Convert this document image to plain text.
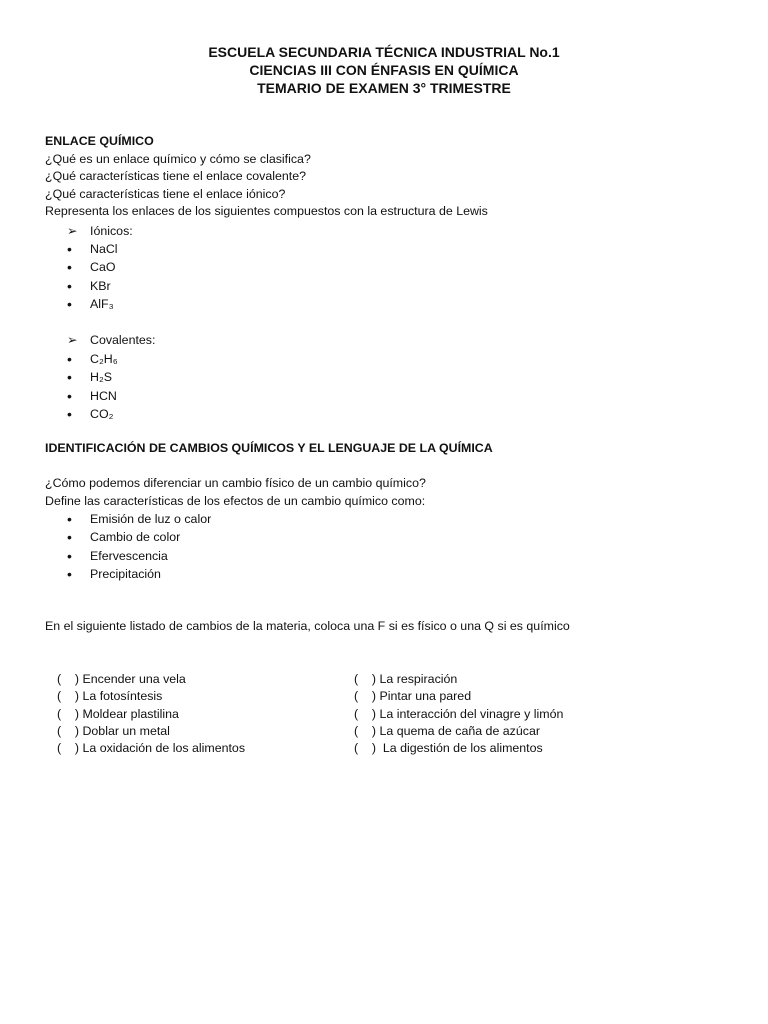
ESCUELA SECUNDARIA TÉCNICA INDUSTRIAL No.1
CIENCIAS III CON ÉNFASIS EN QUÍMICA
TEMARIO DE EXAMEN 3° TRIMESTRE
ENLACE QUÍMICO
¿Qué es un enlace químico y cómo se clasifica?
¿Qué características tiene el enlace covalente?
¿Qué características tiene el enlace iónico?
Representa los enlaces de los siguientes compuestos con la estructura de Lewis
➢ Iónicos:
• NaCl
• CaO
• KBr
• AlF₃
➢ Covalentes:
• C₂H₆
• H₂S
• HCN
• CO₂
IDENTIFICACIÓN DE CAMBIOS QUÍMICOS Y EL LENGUAJE DE LA QUÍMICA
¿Cómo podemos diferenciar un cambio físico de un cambio químico?
Define las características de los efectos de un cambio químico como:
• Emisión de luz o calor
• Cambio de color
• Efervescencia
• Precipitación
En el siguiente listado de cambios de la materia, coloca una F si es físico o una Q si es químico
(    ) Encender una vela
(    ) La fotosíntesis
(    ) Moldear plastilina
(    ) Doblar un metal
(    ) La oxidación de los alimentos
(    ) La respiración
(    ) Pintar una pared
(    ) La interacción del vinagre y limón
(    ) La quema de caña de azúcar
(    )  La digestión de los alimentos
